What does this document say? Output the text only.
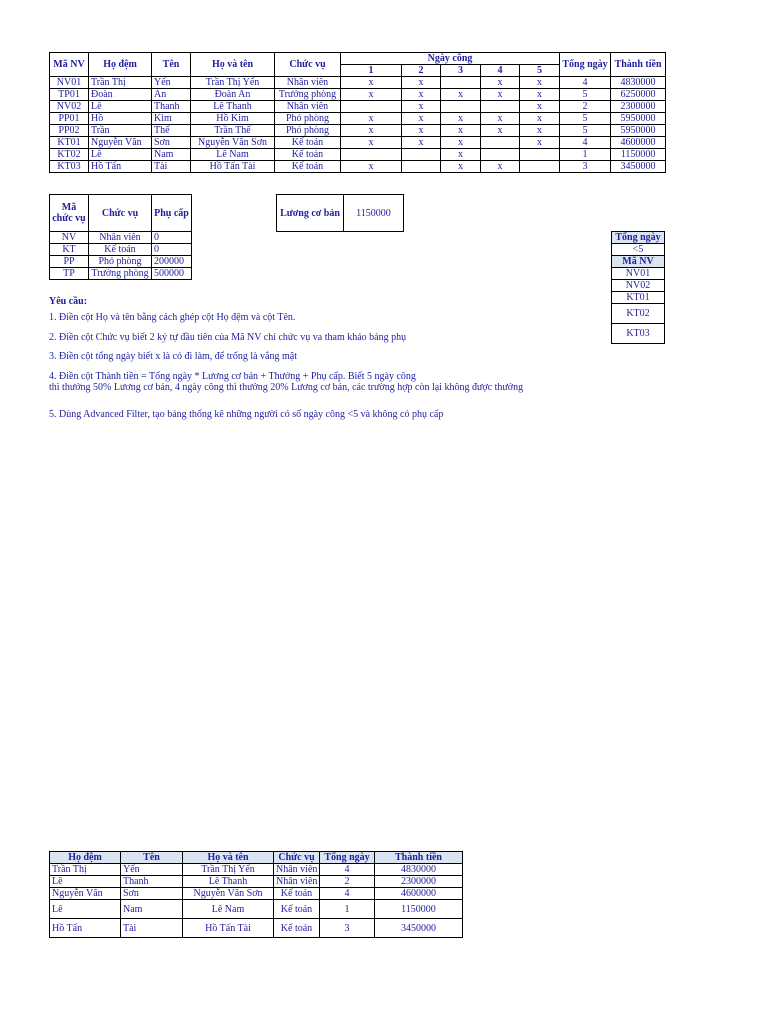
Mã NV	Họ đệm	Tên	Họ và tên	Chức vụ	Ngày công					Tổng ngày	Thành tiền
					1	2	3	4	5		
NV01	Trần Thị	Yến	Trần Thị Yến	Nhân viên	x	x		x	x	4	4830000
TP01	Đoàn	An	Đoàn An	Trưởng phòng	x	x	x	x	x	5	6250000
NV02	Lê	Thanh	Lê Thanh	Nhân viên		x			x	2	2300000
PP01	Hồ	Kim	Hồ Kim	Phó phòng	x	x	x	x	x	5	5950000
PP02	Trần	Thế	Trần Thế	Phó phòng	x	x	x	x	x	5	5950000
KT01	Nguyễn Văn	Sơn	Nguyễn Văn Sơn	Kế toán	x	x	x		x	4	4600000
KT02	Lê	Nam	Lê Nam	Kế toán			x			1	1150000
KT03	Hồ Tấn	Tài	Hồ Tấn Tài	Kế toán	x		x	x		3	3450000
Mã chức vụ	Chức vụ	Phụ cấp
NV	Nhân viên	0
KT	Kế toán	0
PP	Phó phòng	200000
TP	Trưởng phòng	500000
Lương cơ bản	1150000
Tổng ngày
<5
Mã NV
NV01
NV02
KT01
KT02
KT03
Yêu cầu:
1. Điền cột Họ và tên bằng cách ghép cột Họ đệm và cột Tên.
2. Điền cột Chức vụ biết 2 ký tự đầu tiên của Mã NV chỉ chức vụ va tham khảo bảng phụ
3. Điền cột tổng ngày biết x là có đi làm, để trống là vắng mặt
4. Điền cột Thành tiền = Tổng ngày * Lương cơ bản + Thưởng + Phụ cấp. Biết 5 ngày công
thì thưởng 50% Lương cơ bản, 4 ngày công thì thưởng 20% Lương cơ bản, các trường hợp còn lại không được thưởng
5. Dùng Advanced Filter, tạo bảng thống kê những người có số ngày công <5 và không có phụ cấp
Họ đệm	Tên	Họ và tên	Chức vụ	Tổng ngày	Thành tiền
Trần Thị	Yến	Trần Thị Yến	Nhân viên	4	4830000
Lê	Thanh	Lê Thanh	Nhân viên	2	2300000
Nguyễn Văn	Sơn	Nguyễn Văn Sơn	Kế toán	4	4600000
Lê	Nam	Lê Nam	Kế toán	1	1150000
Hồ Tấn	Tài	Hồ Tấn Tài	Kế toán	3	3450000
